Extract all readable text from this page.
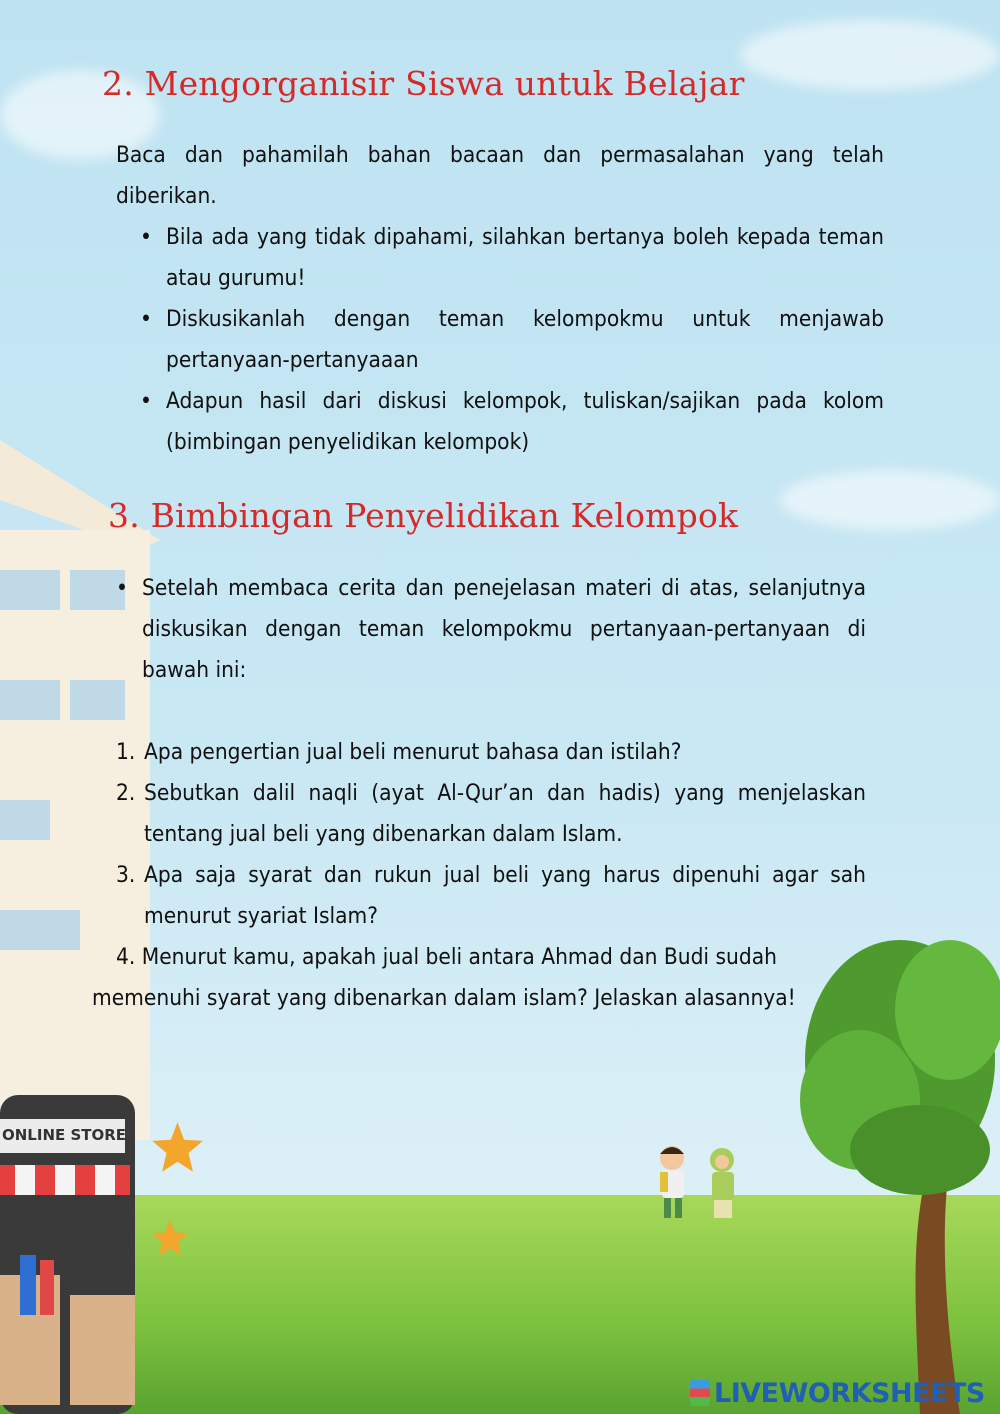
ONLINE STORE
2. Mengorganisir Siswa untuk Belajar

Baca dan pahamilah bahan bacaan dan permasalahan yang telah diberikan.

• Bila ada yang tidak dipahami, silahkan bertanya boleh kepada teman atau gurumu!
• Diskusikanlah dengan teman kelompokmu untuk menjawab pertanyaan-pertanyaaan
• Adapun hasil dari diskusi kelompok, tuliskan/sajikan pada kolom (bimbingan penyelidikan kelompok)
3. Bimbingan Penyelidikan Kelompok
• Setelah membaca cerita dan penejelasan materi di atas, selanjutnya diskusikan dengan teman kelompokmu pertanyaan-pertanyaan di bawah ini:
1. Apa pengertian jual beli menurut bahasa dan istilah?
2. Sebutkan dalil naqli (ayat Al-Qur’an dan hadis) yang menjelaskan tentang jual beli yang dibenarkan dalam Islam.
3. Apa saja syarat dan rukun jual beli yang harus dipenuhi agar sah menurut syariat Islam?

4. Menurut kamu, apakah jual beli antara Ahmad dan Budi sudah memenuhi syarat yang dibenarkan dalam islam? Jelaskan alasannya!

LIVEWORKSHEETS
